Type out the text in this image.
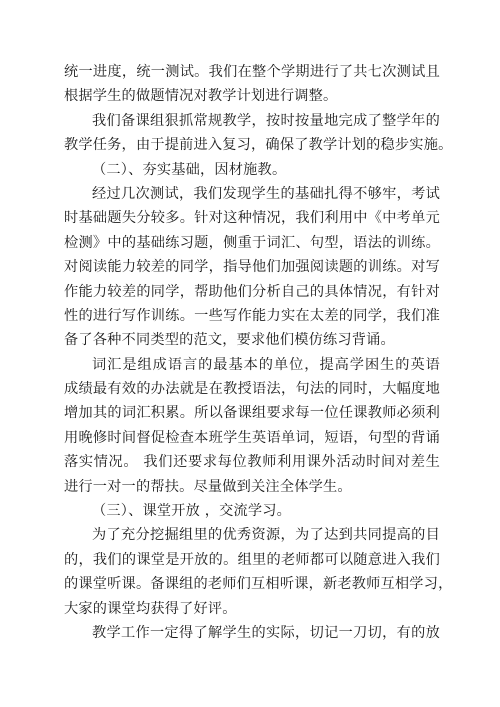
统一进度，统一测试。我们在整个学期进行了共七次测试且
根据学生的做题情况对教学计划进行调整。
我们备课组狠抓常规教学，按时按量地完成了整学年的
教学任务，由于提前进入复习，确保了教学计划的稳步实施。
（二）、夯实基础，因材施教。
经过几次测试，我们发现学生的基础扎得不够牢，考试
时基础题失分较多。针对这种情况，我们利用中《中考单元
检测》中的基础练习题，侧重于词汇、句型，语法的训练。
对阅读能力较差的同学，指导他们加强阅读题的训练。对写
作能力较差的同学，帮助他们分析自己的具体情况，有针对
性的进行写作训练。一些写作能力实在太差的同学，我们准
备了各种不同类型的范文，要求他们模仿练习背诵。
词汇是组成语言的最基本的单位，提高学困生的英语
成绩最有效的办法就是在教授语法，句法的同时，大幅度地
增加其的词汇积累。所以备课组要求每一位任课教师必须利
用晚修时间督促检查本班学生英语单词，短语，句型的背诵
落实情况。 我们还要求每位教师利用课外活动时间对差生
进行一对一的帮扶。尽量做到关注全体学生。
（三）、课堂开放 ，交流学习。
为了充分挖掘组里的优秀资源，为了达到共同提高的目
的，我们的课堂是开放的。组里的老师都可以随意进入我们
的课堂听课。备课组的老师们互相听课，新老教师互相学习，
大家的课堂均获得了好评。
教学工作一定得了解学生的实际，切记一刀切，有的放
